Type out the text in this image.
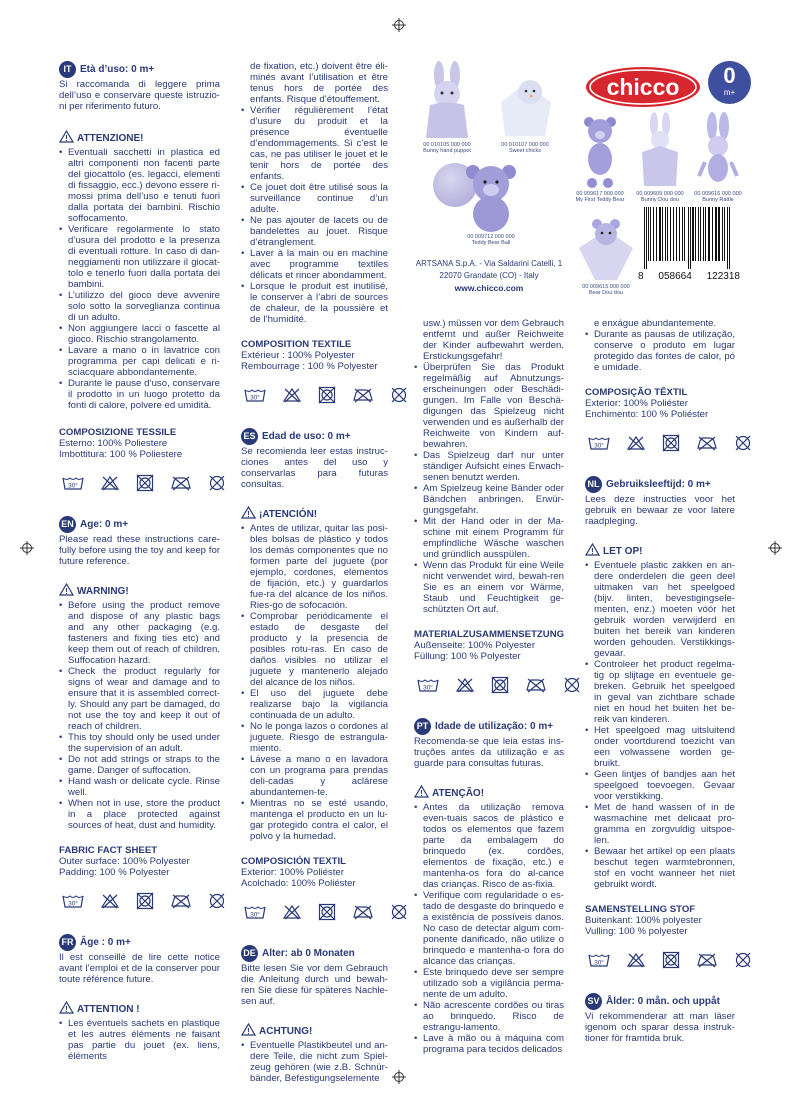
IT Età d’uso: 0 m+
Si raccomanda di leggere prima dell’uso e conservare queste istruzio-ni per riferimento futuro.
! ATTENZIONE!
• Eventuali sacchetti in plastica ed altri componenti non facenti parte del giocattolo (es. legacci, elementi di fissaggio, ecc.) devono essere ri-mossi prima dell’uso e tenuti fuori dalla portata dei bambini. Rischio soffocamento.
• Verificare regolarmente lo stato d’usura del prodotto e la presenza di eventuali rotture. In caso di dan-neggiamenti non utilizzare il giocat-tolo e tenerlo fuori dalla portata dei bambini.
• L’utilizzo del gioco deve avvenire solo sotto la sorveglianza continua di un adulto.
• Non aggiungere lacci o fascette al gioco. Rischio strangolamento.
• Lavare a mano o in lavatrice con programma per capi delicati e ri-sciacquare abbondantemente.
• Durante le pause d’uso, conservare il prodotto in un luogo protetto da fonti di calore, polvere ed umidità.
COMPOSIZIONE TESSILE
Esterno: 100% Poliestere
Imbottitura: 100 % Poliestere
30°
EN Age: 0 m+
Please read these instructions care-fully before using the toy and keep for future reference.
! WARNING!
• Before using the product remove and dispose of any plastic bags and any other packaging (e.g. fasteners and fixing ties etc) and keep them out of reach of children. Suffocation hazard.
• Check the product regularly for signs of wear and damage and to ensure that it is assembled correct-ly. Should any part be damaged, do not use the toy and keep it out of reach of children.
• This toy should only be used under the supervision of an adult.
• Do not add strings or straps to the game. Danger of suffocation.
• Hand wash or delicate cycle. Rinse well.
• When not in use, store the product in a place protected against sources of heat, dust and humidity.
FABRIC FACT SHEET
Outer surface: 100% Polyester
Padding: 100 % Polyester
30°
FR Âge : 0 m+
Il est conseillé de lire cette notice avant l’emploi et de la conserver pour toute référence future.
! ATTENTION !
• Les éventuels sachets en plastique et les autres éléments ne faisant pas partie du jouet (ex. liens, éléments
de fixation, etc.) doivent être éli-minés avant l’utilisation et être tenus hors de portée des enfants. Risque d’étouffement.
• Vérifier régulièrement l’état d’usure du produit et la présence éventuelle d’endommagements. Si c’est le cas, ne pas utiliser le jouet et le tenir hors de portée des enfants.
• Ce jouet doit être utilisé sous la surveillance continue d’un adulte.
• Ne pas ajouter de lacets ou de bandelettes au jouet. Risque d’étranglement.
• Laver à la main ou en machine avec programme textiles délicats et rincer abondamment.
• Lorsque le produit est inutilisé, le conserver à l’abri de sources de chaleur, de la poussière et de l’humidité.
COMPOSITION TEXTILE
Extérieur : 100% Polyester
Rembourrage : 100 % Polyester
30°
ES Edad de uso: 0 m+
Se recomienda leer estas instruc-ciones antes del uso y conservarlas para futuras consultas.
! ¡ATENCIÓN!
• Antes de utilizar, quitar las posi-bles bolsas de plástico y todos los demás componentes que no formen parte del juguete (por ejemplo, cordones, elementos de fijación, etc.) y guardarlos fue-ra del alcance de los niños. Ries-go de sofocación.
• Comprobar periódicamente el estado de desgaste del producto y la presencia de posibles rotu-ras. En caso de daños visibles no utilizar el juguete y mantenerlo alejado del alcance de los niños.
• El uso del juguete debe realizarse bajo la vigilancia continuada de un adulto.
• No le ponga lazos o cordones al juguete. Riesgo de estrangula-miento.
• Lávese a mano o en lavadora con un programa para prendas deli-cadas y aclárese abundantemen-te.
• Mientras no se esté usando, mantenga el producto en un lu-gar protegido contra el calor, el polvo y la humedad.
COMPOSICIÓN TEXTIL
Exterior: 100% Poliéster
Acolchado: 100% Poliéster
30°
DE Alter: ab 0 Monaten
Bitte lesen Sie vor dem Gebrauch die Anleitung durch und bewah-ren Sie diese für späteres Nachle-sen auf.
! ACHTUNG!
• Eventuelle Plastikbeutel und an-dere Teile, die nicht zum Spiel-zeug gehören (wie z.B. Schnür-bänder, Befestigungselemente
00 010105 000 000
Bunny hand puppet
00 010107 000 000
Sweet chicks
00 009712 000 000
Teddy Bear Ball
chicco	0
m+
00 009617 000 000
My First Teddy Bear
00 009609 000 000
Bunny Dou dou
00 009616 000 000
Bunny Rattle
00 009615 000 000
Bear Dou dou
ARTSANA S.p.A. - Via Saldarini Catelli, 1
22070 Grandate (CO) - Italy
www.chicco.com
8 058664 122318
usw.) müssen vor dem Gebrauch entfernt und außer Reichweite der Kinder aufbewahrt werden. Erstickungsgefahr!
• Überprüfen Sie das Produkt regelmäßig auf Abnutzungs-erscheinungen oder Beschädi-gungen. Im Falle von Beschä-digungen das Spielzeug nicht verwenden und es außerhalb der Reichweite von Kindern auf-bewahren.
• Das Spielzeug darf nur unter ständiger Aufsicht eines Erwach-senen benutzt werden.
• Am Spielzeug keine Bänder oder Bändchen anbringen. Erwür-gungsgefahr.
• Mit der Hand oder in der Ma-schine mit einem Programm für empfindliche Wäsche waschen und gründlich ausspülen.
• Wenn das Produkt für eine Weile nicht verwendet wird, bewah-ren Sie es an einem vor Wärme, Staub und Feuchtigkeit ge-schützten Ort auf.
MATERIALZUSAMMENSETZUNG
Außenseite: 100% Polyester
Füllung: 100 % Polyester
30°
PT Idade de utilização: 0 m+
Recomenda-se que leia estas ins-truções antes da utilização e as guarde para consultas futuras.
! ATENÇÃO!
• Antes da utilização remova even-tuais sacos de plástico e todos os elementos que fazem parte da embalagem do brinquedo (ex. cordões, elementos de fixação, etc.) e mantenha-os fora do al-cance das crianças. Risco de as-fixia.
• Verifique com regularidade o es-tado de desgaste do brinquedo e a existência de possíveis danos. No caso de detectar algum com-ponente danificado, não utilize o brinquedo e mantenha-o fora do alcance das crianças.
• Este brinquedo deve ser sempre utilizado sob a vigilância perma-nente de um adulto.
• Não acrescente cordões ou tiras ao brinquedo. Risco de estrangu-lamento.
• Lave à mão ou à máquina com programa para tecidos delicados
e enxágue abundantemente.
• Durante as pausas de utilização, conserve o produto em lugar protegido das fontes de calor, pó e umidade.
COMPOSIÇÃO TÊXTIL
Exterior: 100% Poliéster
Enchimento: 100 % Poliéster
30°
NL Gebruiksleeftijd: 0 m+
Lees deze instructies voor het gebruik en bewaar ze voor latere raadpleging.
! LET OP!
• Eventuele plastic zakken en an-dere onderdelen die geen deel uitmaken van het speelgoed (bijv. linten, bevestigingsele-menten, enz.) moeten vóór het gebruik worden verwijderd en buiten het bereik van kinderen worden gehouden. Verstikkings-gevaar.
• Controleer het product regelma-tig op slijtage en eventuele ge-breken. Gebruik het speelgoed in geval van zichtbare schade niet en houd het buiten het be-reik van kinderen.
• Het speelgoed mag uitsluitend onder voortdurend toezicht van een volwassene worden ge-bruikt.
• Geen lintjes of bandjes aan het speelgoed toevoegen. Gevaar voor verstikking.
• Met de hand wassen of in de wasmachine met delicaat pro-gramma en zorgvuldig uitspoe-len.
• Bewaar het artikel op een plaats beschut tegen warmtebronnen, stof en vocht wanneer het niet gebruikt wordt.
SAMENSTELLING STOF
Buitenkant: 100% polyester
Vulling: 100 % polyester
30°
SV Ålder: 0 mån. och uppåt
Vi rekommenderar att man läser igenom och sparar dessa instruk-tioner för framtida bruk.
